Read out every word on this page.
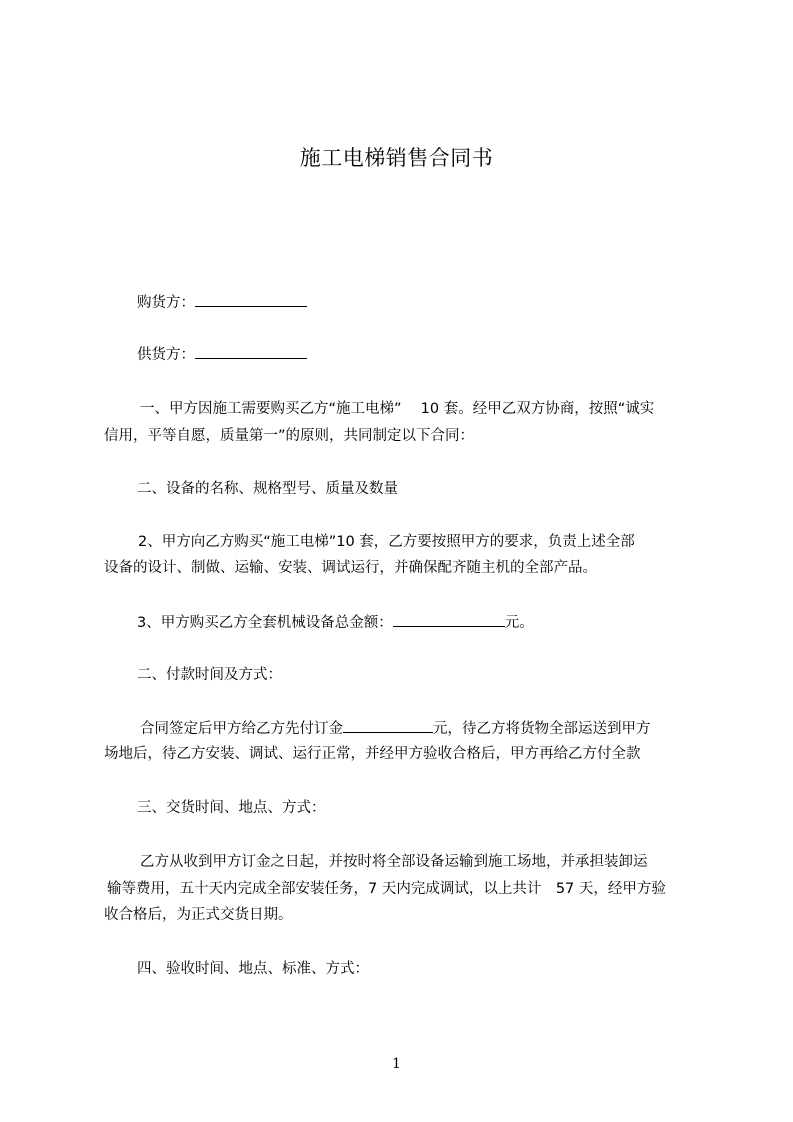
施工电梯销售合同书
购货方：
供货方：
一、甲方因施工需要购买乙方“施工电梯”　 10 套。经甲乙双方协商，按照“诚实
信用，平等自愿，质量第一”的原则，共同制定以下合同：
二、设备的名称、规格型号、质量及数量
2、甲方向乙方购买“施工电梯”10 套，乙方要按照甲方的要求，负责上述全部
设备的设计、制做、运输、安装、调试运行，并确保配齐随主机的全部产品。
3、甲方购买乙方全套机械设备总金额：	元。
二、付款时间及方式：
合同签定后甲方给乙方先付订金	元，待乙方将货物全部运送到甲方
场地后，待乙方安装、调试、运行正常，并经甲方验收合格后，甲方再给乙方付全款
三、交货时间、地点、方式：
乙方从收到甲方订金之日起，并按时将全部设备运输到施工场地，并承担装卸运
输等费用，五十天内完成全部安装任务，7 天内完成调试，以上共计　57 天，经甲方验
收合格后，为正式交货日期。
四、验收时间、地点、标准、方式：
1
